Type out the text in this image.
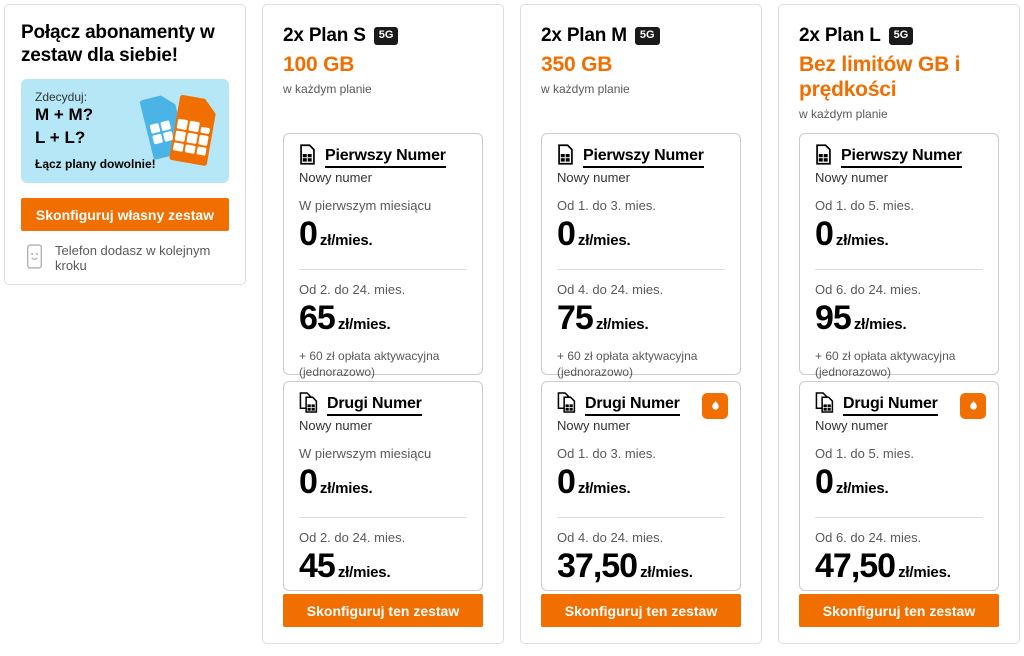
Połącz abonamenty w zestaw dla siebie!
Zdecyduj:
M + M?
L + L?
Łącz plany dowolnie!
Skonfiguruj własny zestaw
Telefon dodasz w kolejnym kroku
2x Plan S	5G
100 GB
w każdym planie
Pierwszy Numer
Nowy numer
W pierwszym miesiącu
0 zł/mies.
Od 2. do 24. mies.
65 zł/mies.
+ 60 zł opłata aktywacyjna (jednorazowo)
Drugi Numer
Nowy numer
W pierwszym miesiącu
0 zł/mies.
Od 2. do 24. mies.
45 zł/mies.
Skonfiguruj ten zestaw
2x Plan M	5G
350 GB
w każdym planie
Pierwszy Numer
Nowy numer
Od 1. do 3. mies.
0 zł/mies.
Od 4. do 24. mies.
75 zł/mies.
+ 60 zł opłata aktywacyjna (jednorazowo)
Drugi Numer
Nowy numer
Od 1. do 3. mies.
0 zł/mies.
Od 4. do 24. mies.
37,50 zł/mies.
Skonfiguruj ten zestaw
2x Plan L	5G
Bez limitów GB i prędkości
w każdym planie
Pierwszy Numer
Nowy numer
Od 1. do 5. mies.
0 zł/mies.
Od 6. do 24. mies.
95 zł/mies.
+ 60 zł opłata aktywacyjna (jednorazowo)
Drugi Numer
Nowy numer
Od 1. do 5. mies.
0 zł/mies.
Od 6. do 24. mies.
47,50 zł/mies.
Skonfiguruj ten zestaw
